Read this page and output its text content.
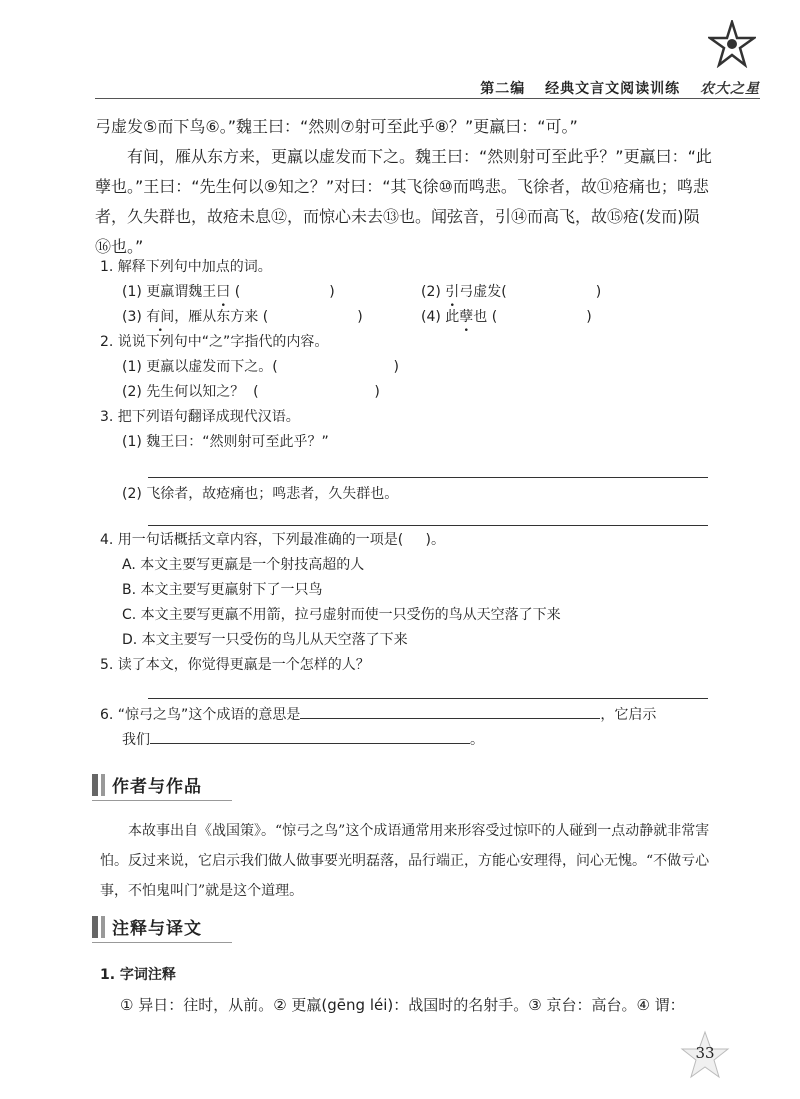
第二编 经典文言文阅读训练 农大之星

弓虚发⑤而下鸟⑥。”魏王曰：“然则⑦射可至此乎⑧？”更羸曰：“可。”

有间，雁从东方来，更羸以虚发而下之。魏王曰：“然则射可至此乎？”更羸曰：“此孽也。”王曰：“先生何以⑨知之？”对曰：“其飞徐⑩而鸣悲。飞徐者，故⑪疮痛也；鸣悲者，久失群也，故疮未息⑫，而惊心未去⑬也。闻弦音，引⑭而高飞，故⑮疮(发而)陨⑯也。”

1. 解释下列句中加点的词。

(1) 更羸谓魏王曰 (                    )	(2) 引弓虚发(                    )
(3) 有间，雁从东方来 (                    )	(4) 此孽也 (                    )

2. 说说下列句中“之”字指代的内容。

(1) 更羸以虚发而下之。(                          )

(2) 先生何以知之？  (                          )

3. 把下列语句翻译成现代汉语。

(1) 魏王曰：“然则射可至此乎？”

(2) 飞徐者，故疮痛也；鸣悲者，久失群也。

4. 用一句话概括文章内容，下列最准确的一项是(     )。

A. 本文主要写更羸是一个射技高超的人

B. 本文主要写更羸射下了一只鸟

C. 本文主要写更羸不用箭，拉弓虚射而使一只受伤的鸟从天空落了下来

D. 本文主要写一只受伤的鸟儿从天空落了下来

5. 读了本文，你觉得更羸是一个怎样的人？

6. “惊弓之鸟”这个成语的意思是	，它启示

我们	。

作者与作品

本故事出自《战国策》。“惊弓之鸟”这个成语通常用来形容受过惊吓的人碰到一点动静就非常害怕。反过来说，它启示我们做人做事要光明磊落，品行端正，方能心安理得，问心无愧。“不做亏心事，不怕鬼叫门”就是这个道理。

注释与译文

1. 字词注释

① 异日：往时，从前。② 更羸(gēng léi)：战国时的名射手。③ 京台：高台。④ 谓：

33
